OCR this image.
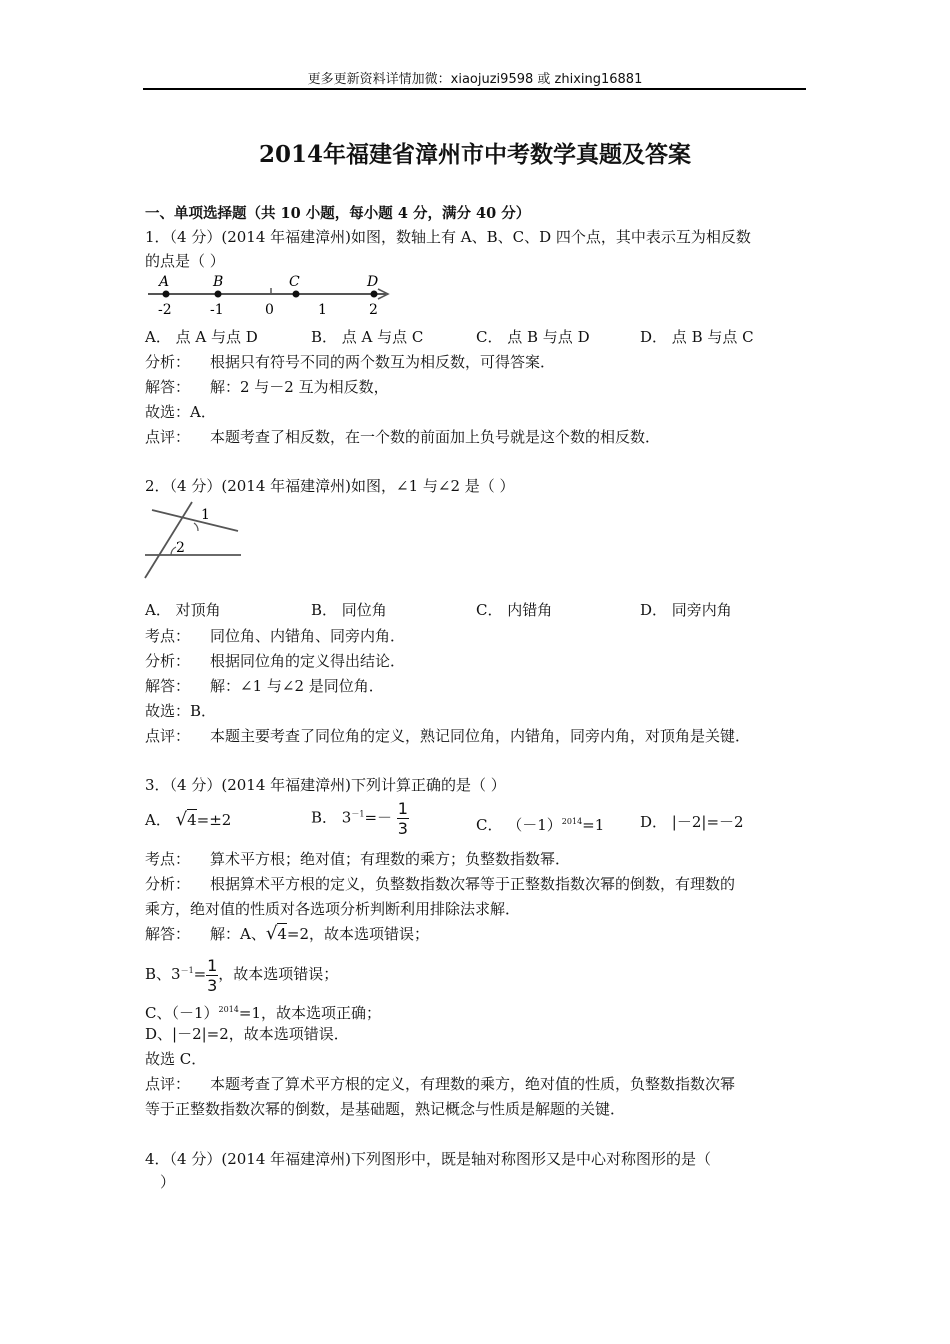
更多更新资料详情加微：xiaojuzi9598 或 zhixing16881
2014年福建省漳州市中考数学真题及答案
一、单项选择题（共 10 小题，每小题 4 分，满分 40 分）
1．（4 分）(2014 年福建漳州)如图，数轴上有 A、B、C、D 四个点，其中表示互为相反数
的点是（ ）
A	B	C	D
-2	-1	0	1	2
A． 点 A 与点 D	B． 点 A 与点 C	C． 点 B 与点 D	D． 点 B 与点 C
分析： 根据只有符号不同的两个数互为相反数，可得答案．
解答： 解：2 与－2 互为相反数，
故选：A．
点评： 本题考查了相反数，在一个数的前面加上负号就是这个数的相反数．
2．（4 分）(2014 年福建漳州)如图，∠1 与∠2 是（ ）
1
2
A． 对顶角	B． 同位角	C． 内错角	D． 同旁内角
考点： 同位角、内错角、同旁内角．
分析： 根据同位角的定义得出结论．
解答： 解：∠1 与∠2 是同位角．
故选：B．
点评： 本题主要考查了同位角的定义，熟记同位角，内错角，同旁内角，对顶角是关键．
3．（4 分）(2014 年福建漳州)下列计算正确的是（ ）
A． √4=±2	B． $3^{-1}=- \frac{1}{3}$	C． $(-1)^{2014}=1$ D． |－2|=－2
考点： 算术平方根；绝对值；有理数的乘方；负整数指数幂．
分析： 根据算术平方根的定义，负整数指数次幂等于正整数指数次幂的倒数，有理数的
乘方，绝对值的性质对各选项分析判断利用排除法求解．
解答： 解：A、√4=2，故本选项错误；
B、$3^{-1}= \frac{1}{3}$ ，故本选项错误；
C、$(-1)^{2014}=1$，故本选项正确；
D、|－2|=2，故本选项错误．
故选 C．
点评： 本题考查了算术平方根的定义，有理数的乘方，绝对值的性质，负整数指数次幂
等于正整数指数次幂的倒数，是基础题，熟记概念与性质是解题的关键．
4．（4 分）(2014 年福建漳州)下列图形中，既是轴对称图形又是中心对称图形的是（
）
